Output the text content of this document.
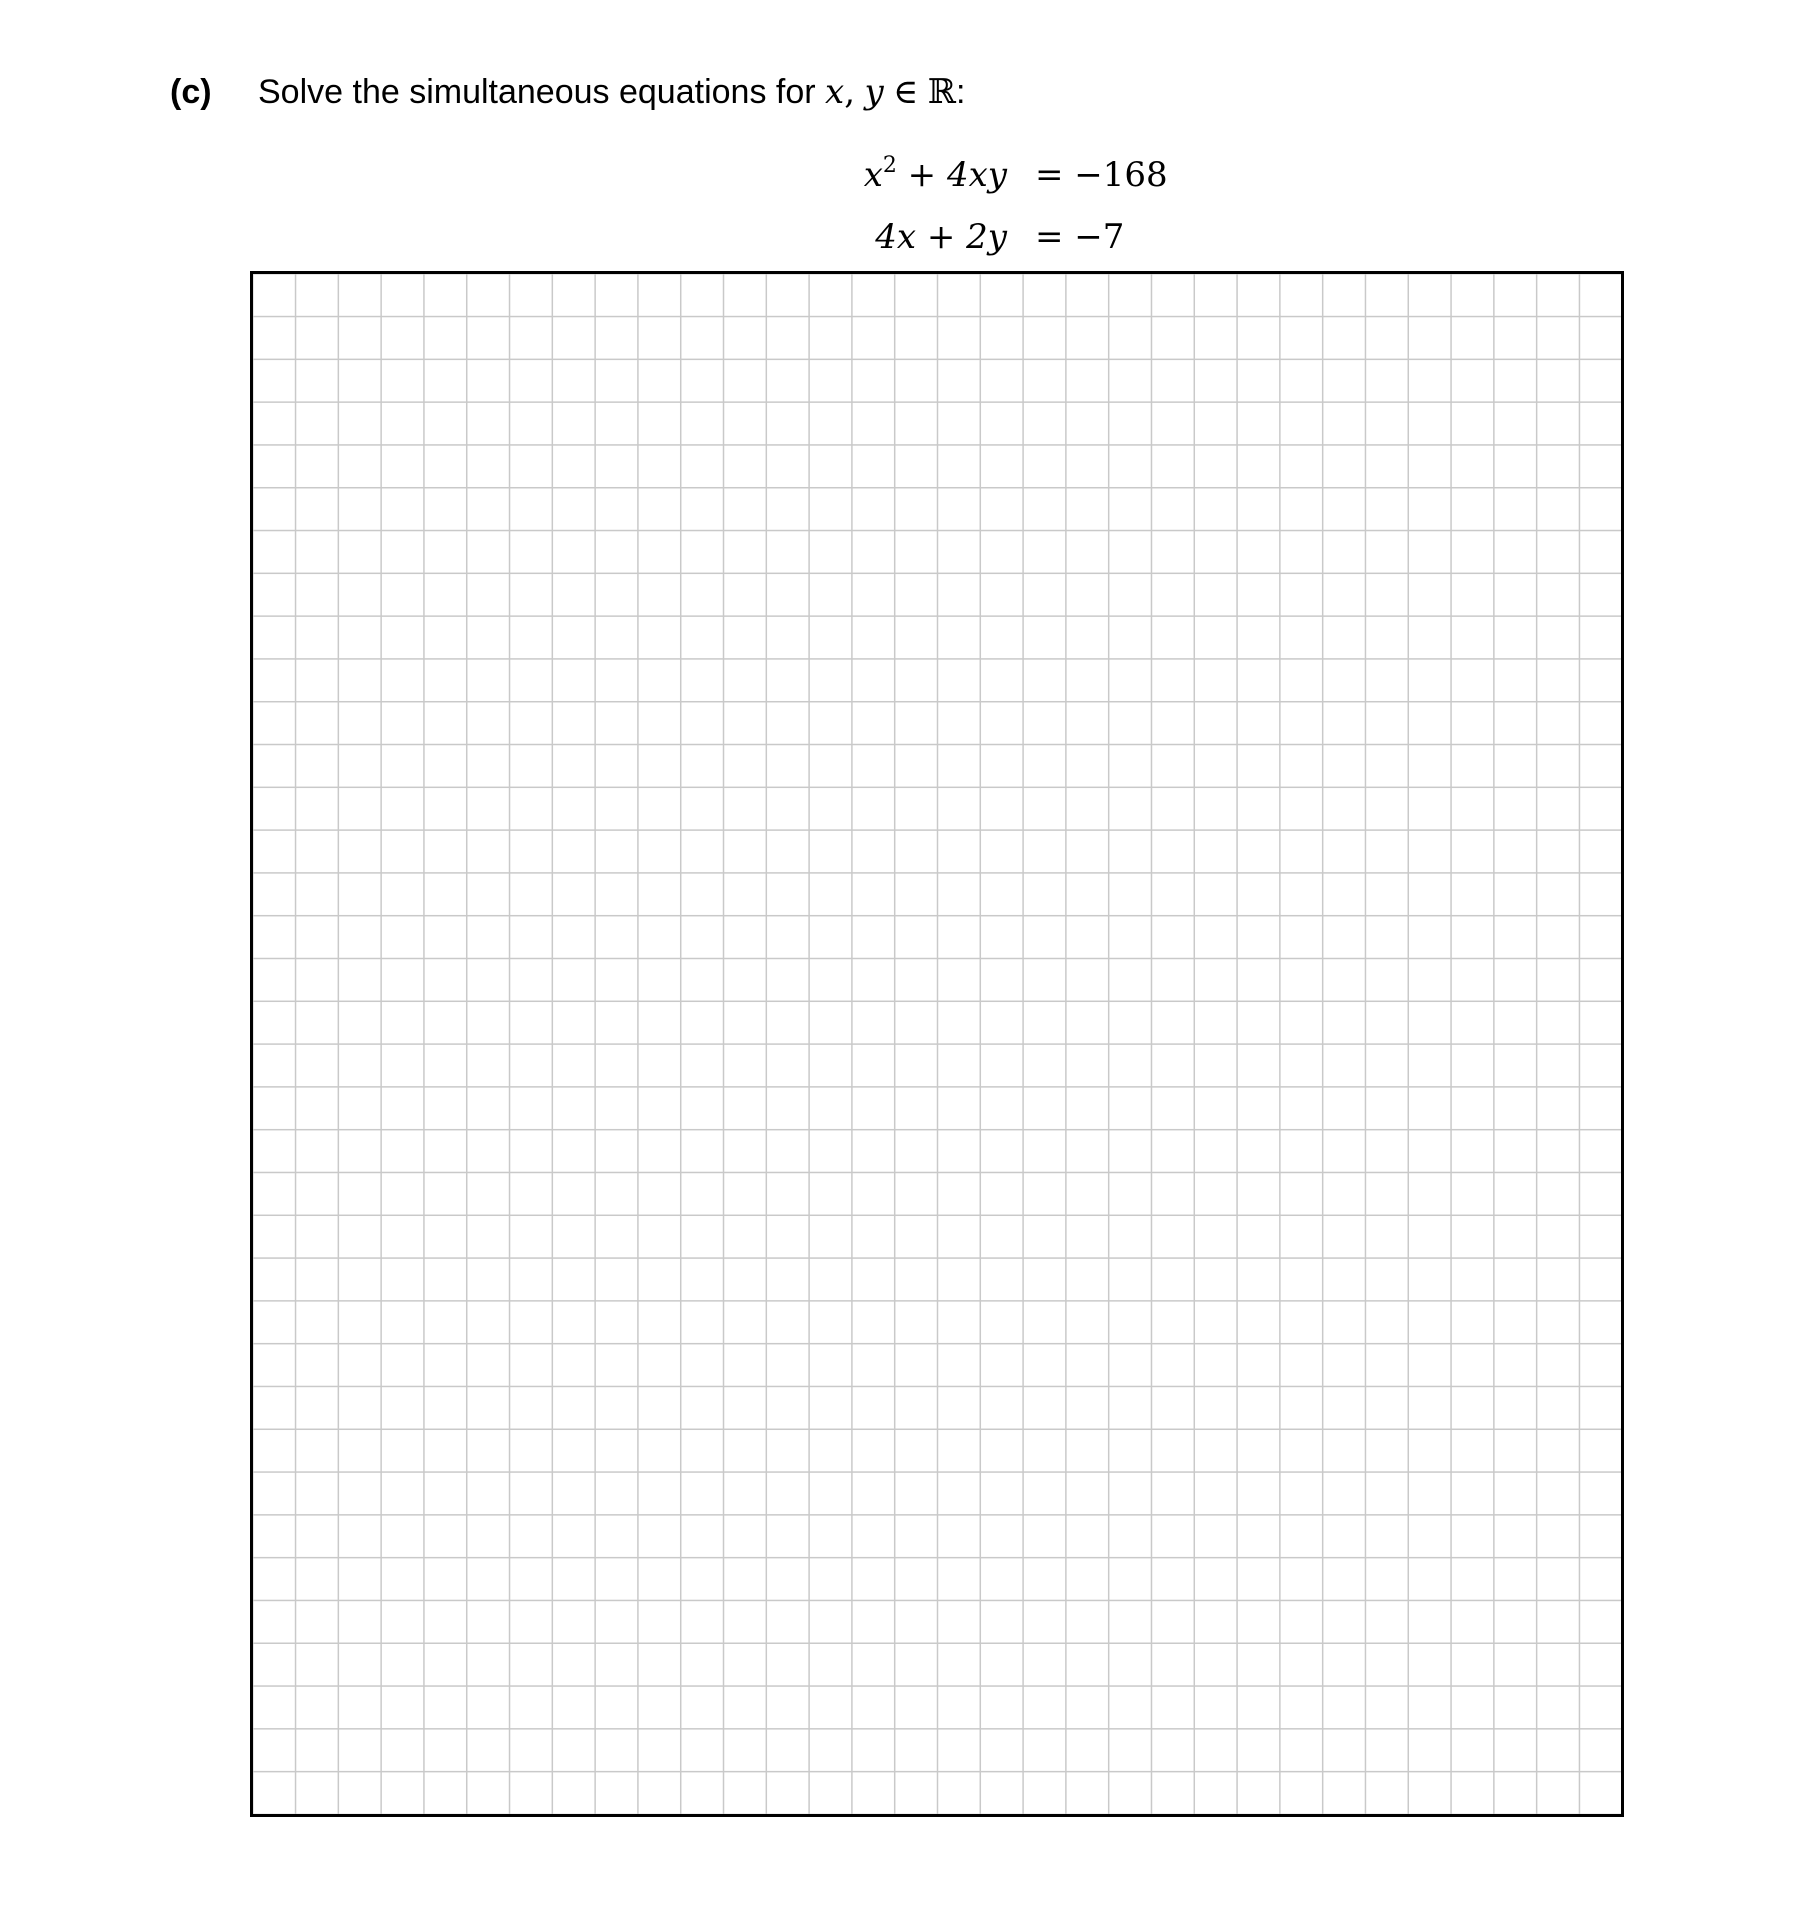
(c) Solve the simultaneous equations for x, y ∈ ℝ:
$x^2 + 4xy = -168$
4x + 2y = −7
